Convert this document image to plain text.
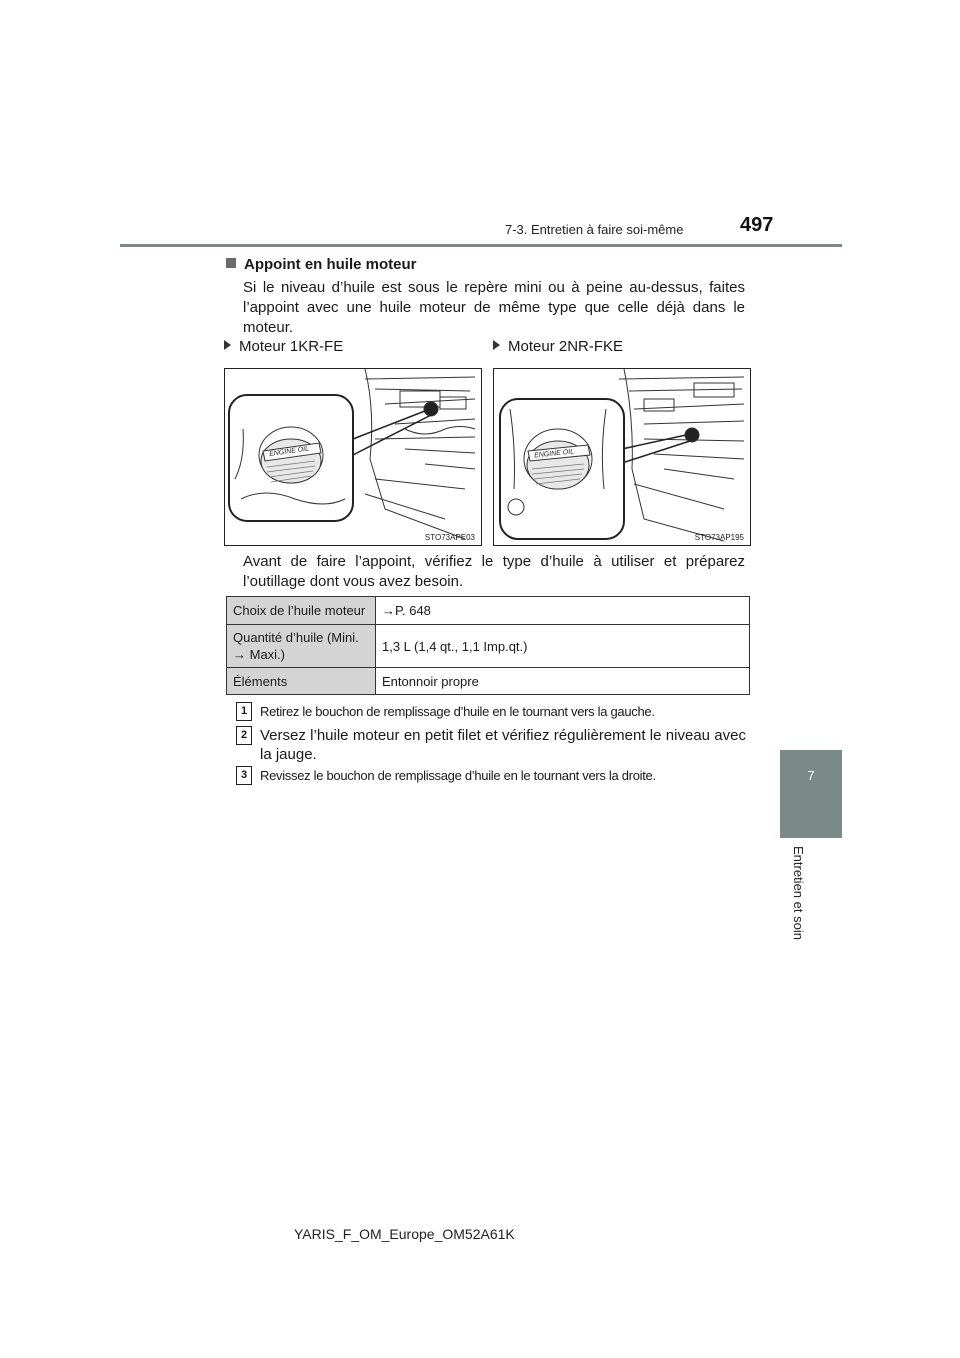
7-3. Entretien à faire soi-même	497
7
Entretien et soin
Appoint en huile moteur
Si le niveau d’huile est sous le repère mini ou à peine au-dessus, faites l’appoint avec une huile moteur de même type que celle déjà dans le moteur.
Moteur 1KR-FE	Moteur 2NR-FKE
ENGINE OIL
STO73APE03
ENGINE OIL
STO73AP195
Avant de faire l’appoint, vérifiez le type d’huile à utiliser et préparez l’outillage dont vous avez besoin.
Choix de l’huile moteur	→P. 648
Quantité d’huile (Mini. → Maxi.)	1,3 L (1,4 qt., 1,1 Imp.qt.)
Éléments	Entonnoir propre
1 Retirez le bouchon de remplissage d’huile en le tournant vers la gauche.
2 Versez l’huile moteur en petit filet et vérifiez régulièrement le niveau avec la jauge.
3 Revissez le bouchon de remplissage d’huile en le tournant vers la droite.
YARIS_F_OM_Europe_OM52A61K
